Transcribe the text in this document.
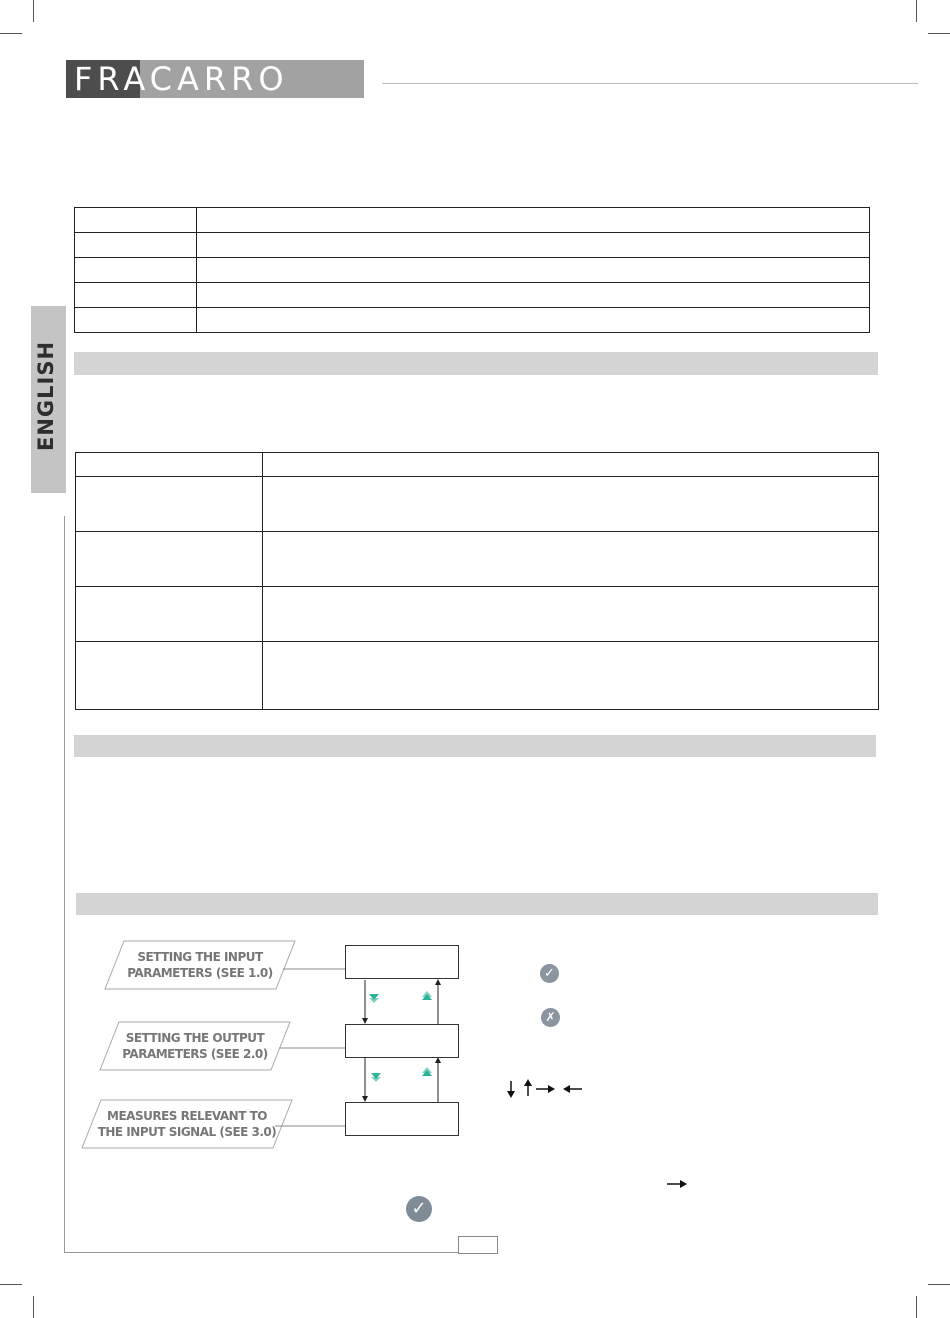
FRACARRO
ENGLISH

SETTING THE INPUT
PARAMETERS (SEE 1.0)
SETTING THE OUTPUT
PARAMETERS (SEE 2.0)
MEASURES RELEVANT TO
THE INPUT SIGNAL (SEE 3.0)
✓
✗
✓
